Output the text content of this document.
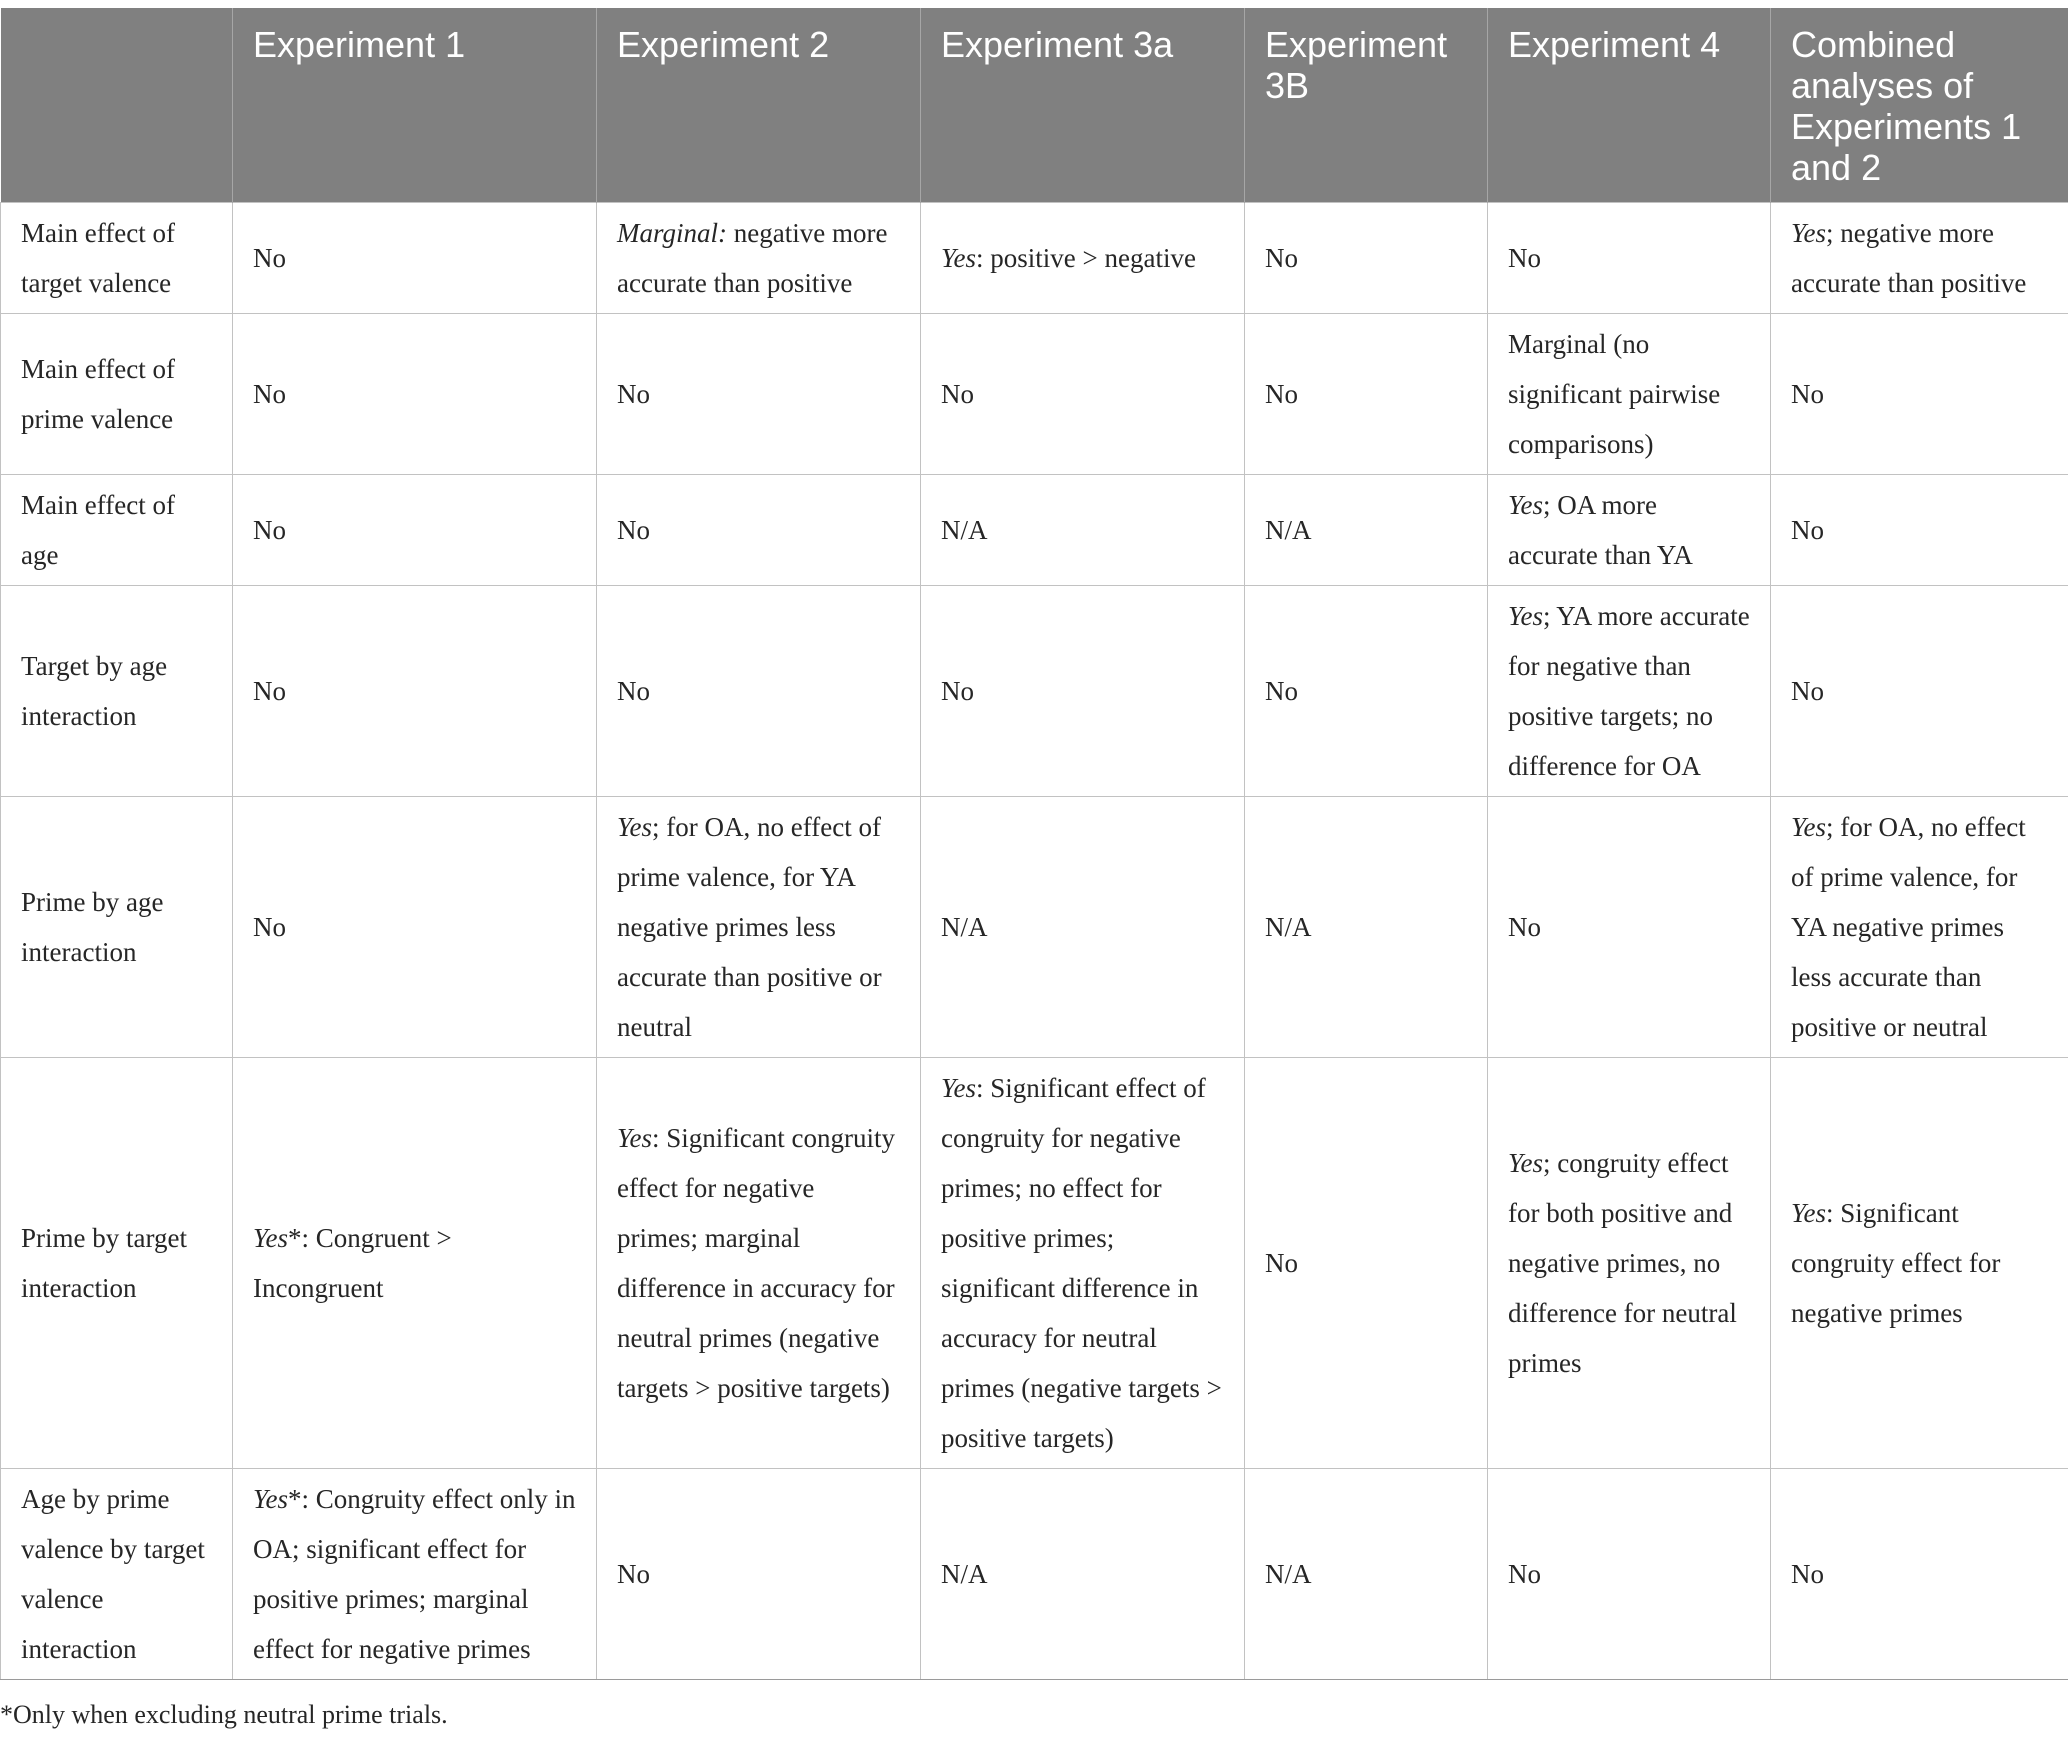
	Experiment 1	Experiment 2	Experiment 3a	Experiment 3B	Experiment 4	Combined analyses of Experiments 1 and 2
Main effect of target valence	No	Marginal: negative more accurate than positive	Yes: positive > negative	No	No	Yes; negative more accurate than positive
Main effect of prime valence	No	No	No	No	Marginal (no significant pairwise comparisons)	No
Main effect of age	No	No	N/A	N/A	Yes; OA more accurate than YA	No
Target by age interaction	No	No	No	No	Yes; YA more accurate for negative than positive targets; no difference for OA	No
Prime by age interaction	No	Yes; for OA, no effect of prime valence, for YA negative primes less accurate than positive or neutral	N/A	N/A	No	Yes; for OA, no effect of prime valence, for YA negative primes less accurate than positive or neutral
Prime by target interaction	Yes*: Congruent > Incongruent	Yes: Significant congruity effect for negative primes; marginal difference in accuracy for neutral primes (negative targets > positive targets)	Yes: Significant effect of congruity for negative primes; no effect for positive primes; significant difference in accuracy for neutral primes (negative targets > positive targets)	No	Yes; congruity effect for both positive and negative primes, no difference for neutral primes	Yes: Significant congruity effect for negative primes
Age by prime valence by target valence interaction	Yes*: Congruity effect only in OA; significant effect for positive primes; marginal effect for negative primes	No	N/A	N/A	No	No
*Only when excluding neutral prime trials.
